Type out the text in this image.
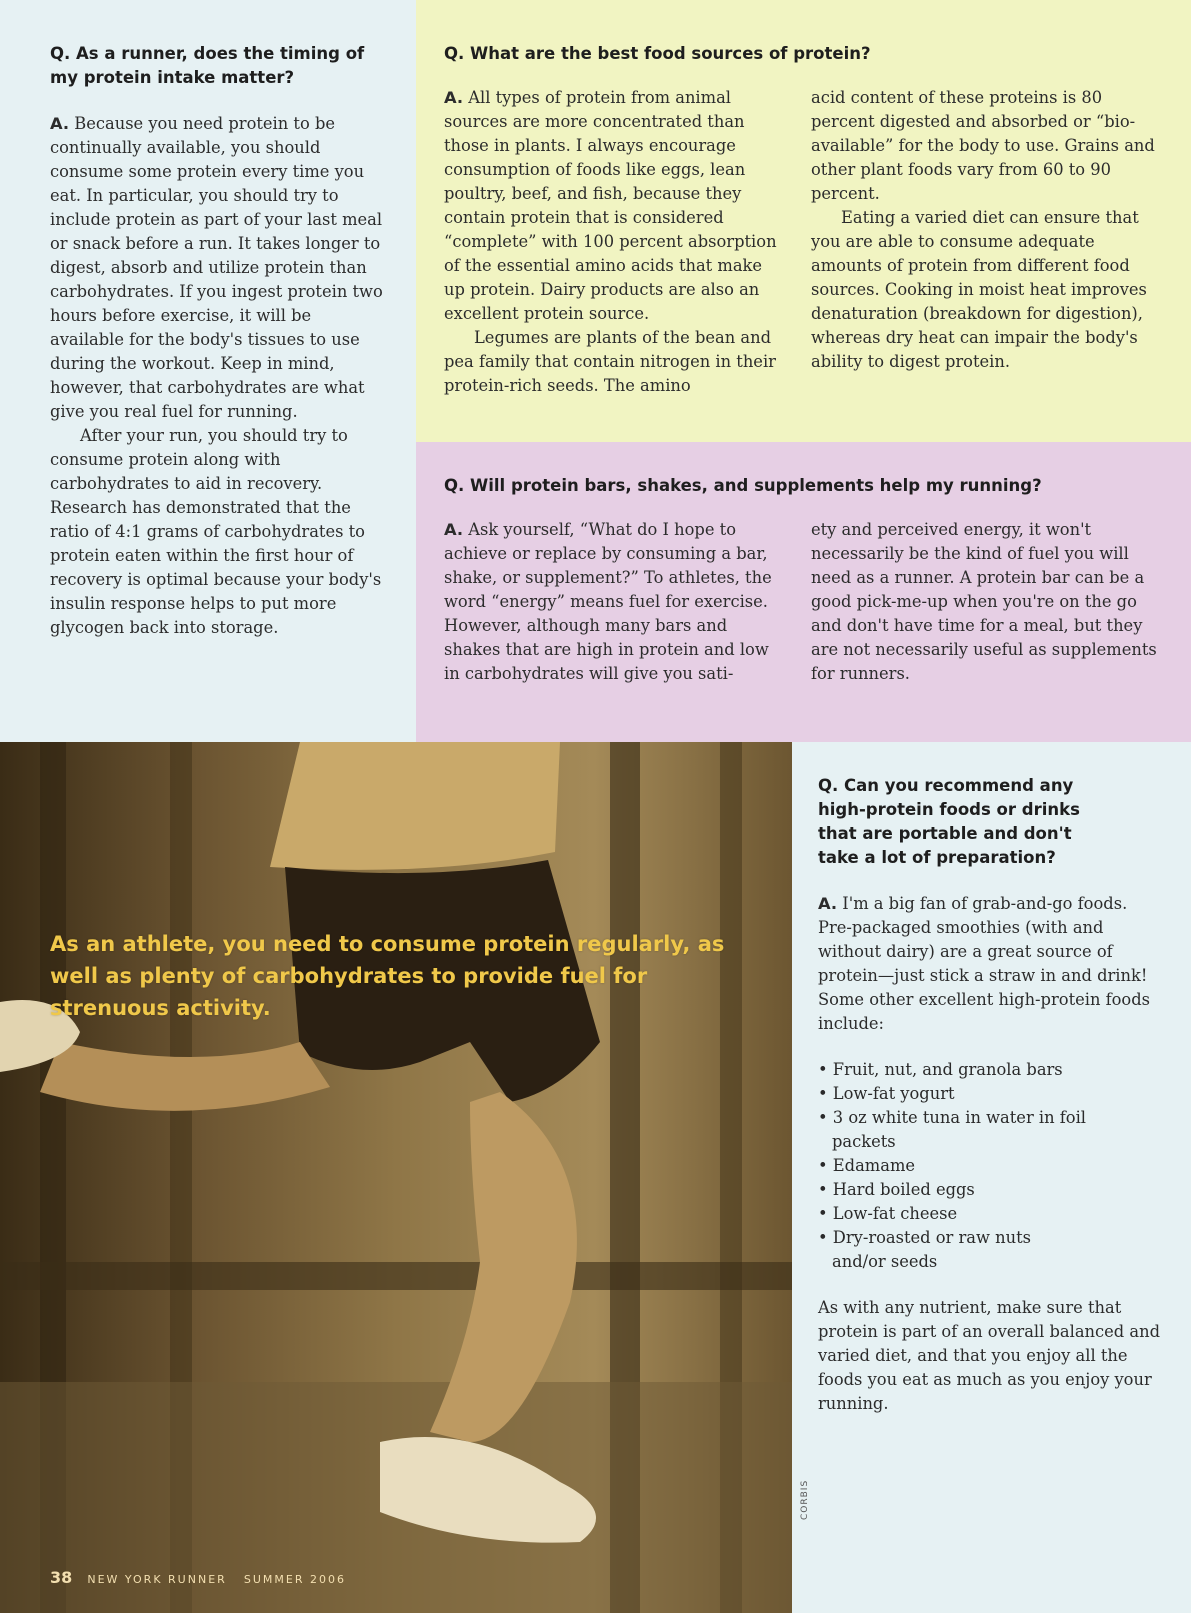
Q. As a runner, does the timing of my protein intake matter?

A. Because you need protein to be continually available, you should consume some protein every time you eat. In particular, you should try to include protein as part of your last meal or snack before a run. It takes longer to digest, absorb and utilize protein than carbohydrates. If you ingest protein two hours before exercise, it will be available for the body's tissues to use during the workout. Keep in mind, however, that carbohydrates are what give you real fuel for running.

After your run, you should try to consume protein along with carbohydrates to aid in recovery. Research has demonstrated that the ratio of 4:1 grams of carbohydrates to protein eaten within the first hour of recovery is optimal because your body's insulin response helps to put more glycogen back into storage.

Q. What are the best food sources of protein?

A. All types of protein from animal sources are more concentrated than those in plants. I always encourage consumption of foods like eggs, lean poultry, beef, and fish, because they contain protein that is considered “complete” with 100 percent absorption of the essential amino acids that make up protein. Dairy products are also an excellent protein source.

Legumes are plants of the bean and pea family that contain nitrogen in their protein-rich seeds. The amino

acid content of these proteins is 80 percent digested and absorbed or “bio-available” for the body to use. Grains and other plant foods vary from 60 to 90 percent.

Eating a varied diet can ensure that you are able to consume adequate amounts of protein from different food sources. Cooking in moist heat improves denaturation (breakdown for digestion), whereas dry heat can impair the body's ability to digest protein.

Q. Will protein bars, shakes, and supplements help my running?

A. Ask yourself, “What do I hope to achieve or replace by consuming a bar, shake, or supplement?” To athletes, the word “energy” means fuel for exercise. However, although many bars and shakes that are high in protein and low in carbohydrates will give you sati-

ety and perceived energy, it won't necessarily be the kind of fuel you will need as a runner. A protein bar can be a good pick-me-up when you're on the go and don't have time for a meal, but they are not necessarily useful as supplements for runners.

Q. Can you recommend any high-protein foods or drinks that are portable and don't take a lot of preparation?

A. I'm a big fan of grab-and-go foods. Pre-packaged smoothies (with and without dairy) are a great source of protein—just stick a straw in and drink! Some other excellent high-protein foods include:

• Fruit, nut, and granola bars
• Low-fat yogurt
• 3 oz white tuna in water in foil packets
• Edamame
• Hard boiled eggs
• Low-fat cheese
• Dry-roasted or raw nuts and/or seeds

As with any nutrient, make sure that protein is part of an overall balanced and varied diet, and that you enjoy all the foods you eat as much as you enjoy your running.

As an athlete, you need to consume protein regularly, as well as plenty of carbohydrates to provide fuel for strenuous activity.
CORBIS
38 NEW YORK RUNNER SUMMER 2006
